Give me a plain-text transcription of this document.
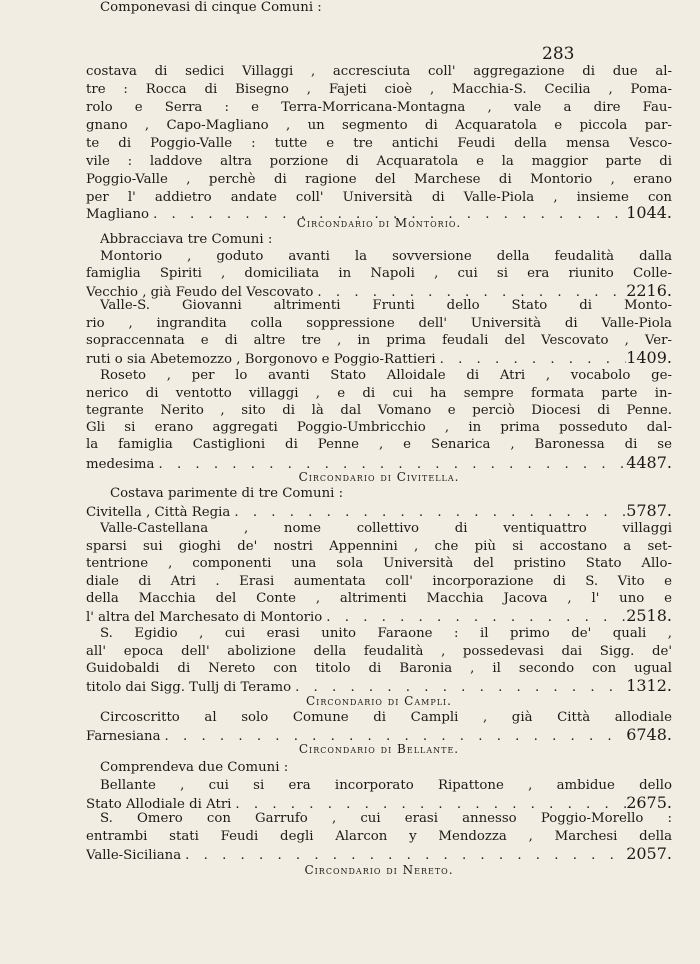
283
costava di sedici Villaggi , accresciuta coll' aggregazione di due al-
tre : Rocca di Bisegno , Fajeti cioè , Macchia-S. Cecilia , Poma-
rolo e Serra : e Terra-Morricana-Montagna , vale a dire Fau-
gnano , Capo-Magliano , un segmento di Acquaratola e piccola par-
te di Poggio-Valle : tutte e tre antichi Feudi della mensa Vesco-
vile : laddove altra porzione di Acquaratola e la maggior parte di
Poggio-Valle , perchè di ragione del Marchese di Montorio , erano
per l' addietro andate coll' Università di Valle-Piola , insieme con
Magliano . . .	1044.
Circondario di Montorio.
Abbracciava tre Comuni :
Montorio , goduto avanti la sovversione della feudalità dalla
famiglia Spiriti , domiciliata in Napoli , cui si era riunito Colle-
Vecchio , già Feudo del Vescovato . . .	2216.
Valle-S. Giovanni altrimenti Frunti dello Stato di Monto-
rio , ingrandita colla soppressione dell' Università di Valle-Piola
sopraccennata e di altre tre , in prima feudali del Vescovato , Ver-
ruti o sia Abetemozzo , Borgonovo e Poggio-Rattieri . . .	1409.
Roseto , per lo avanti Stato Alloidale di Atri , vocabolo ge-
nerico di ventotto villaggi , e di cui ha sempre formata parte in-
tegrante Nerito , sito di là dal Vomano e perciò Diocesi di Penne.
Gli si erano aggregati Poggio-Umbricchio , in prima posseduto dal-
la famiglia Castiglioni di Penne , e Senarica , Baronessa di se
medesima . . .	4487.
Circondario di Civitella.
Costava parimente di tre Comuni :
Civitella , Città Regia . . .	5787.
Valle-Castellana , nome collettivo di ventiquattro villaggi
sparsi sui gioghi de' nostri Appennini , che più si accostano a set-
tentrione , componenti una sola Università del pristino Stato Allo-
diale di Atri . Erasi aumentata coll' incorporazione di S. Vito e
della Macchia del Conte , altrimenti Macchia Jacova , l' uno e
l' altra del Marchesato di Montorio . . .	2518.
S. Egidio , cui erasi unito Faraone : il primo de' quali ,
all' epoca dell' abolizione della feudalità , possedevasi dai Sigg. de'
Guidobaldi di Nereto con titolo di Baronia , il secondo con ugual
titolo dai Sigg. Tullj di Teramo . . .	1312.
Circondario di Campli.
Circoscritto al solo Comune di Campli , già Città allodiale
Farnesiana . . .	6748.
Circondario di Bellante.
Comprendeva due Comuni :
Bellante , cui si era incorporato Ripattone , ambidue dello
Stato Allodiale di Atri . . .	2675.
S. Omero con Garrufo , cui erasi annesso Poggio-Morello :
entrambi stati Feudi degli Alarcon y Mendozza , Marchesi della
Valle-Siciliana . . .	2057.
Circondario di Nereto.
Componevasi di cinque Comuni :
